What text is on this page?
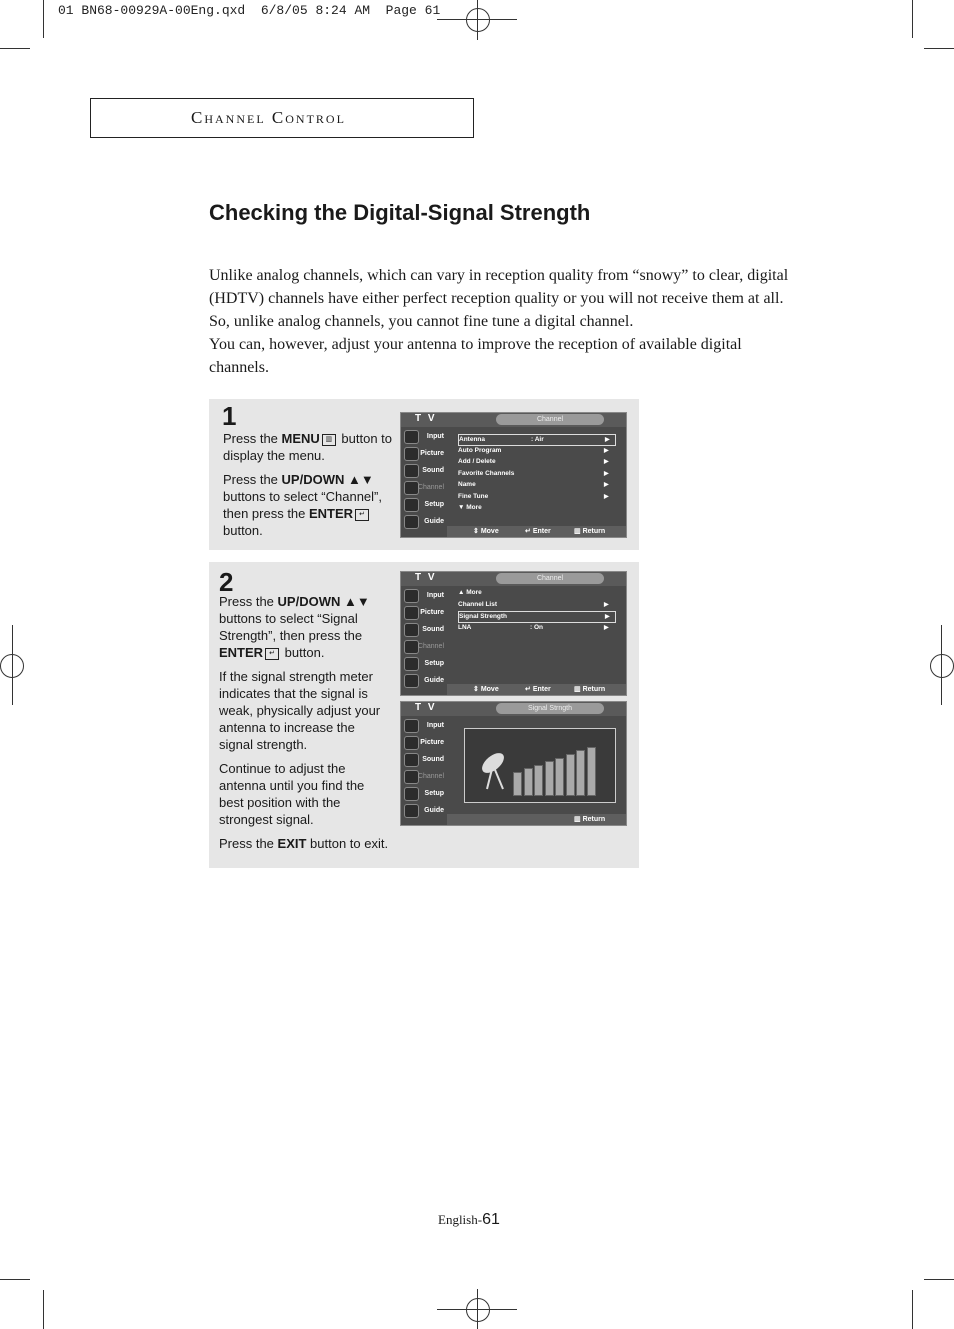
01 BN68-00929A-00Eng.qxd  6/8/05 8:24 AM  Page 61
Channel Control
Checking the Digital-Signal Strength

Unlike analog channels, which can vary in reception quality from “snowy” to clear, digital (HDTV) channels have either perfect reception quality or you will not receive them at all. So, unlike analog channels, you cannot fine tune a digital channel.

You can, however, adjust your antenna to improve the reception of available digital channels.

1

Press the MENU ▥ button to display the menu.

Press the UP/DOWN ▲▼ buttons to select “Channel”, then press the ENTER ↵ button.

T V	Channel
Input
Picture
Sound
Channel
Setup
Guide
Antenna	: Air	▶
Auto Program	▶
Add / Delete	▶
Favorite Channels	▶
Name	▶
Fine Tune	▶
▼ More
⇕ Move	↵ Enter	▥ Return
2

Press the UP/DOWN ▲▼ buttons to select “Signal Strength”, then press the ENTER ↵ button.

If the signal strength meter indicates that the signal is weak, physically adjust your antenna to increase the signal strength.

Continue to adjust the antenna until you find the best position with the strongest signal.

Press the EXIT button to exit.

T V	Channel
Input
Picture
Sound
Channel
Setup
Guide
▲ More
Channel List	▶
Signal Strength	▶
LNA	: On	▶
⇕ Move	↵ Enter	▥ Return
T V	Signal Strngth
Input
Picture
Sound
Channel
Setup
Guide
▥ Return
English-61
